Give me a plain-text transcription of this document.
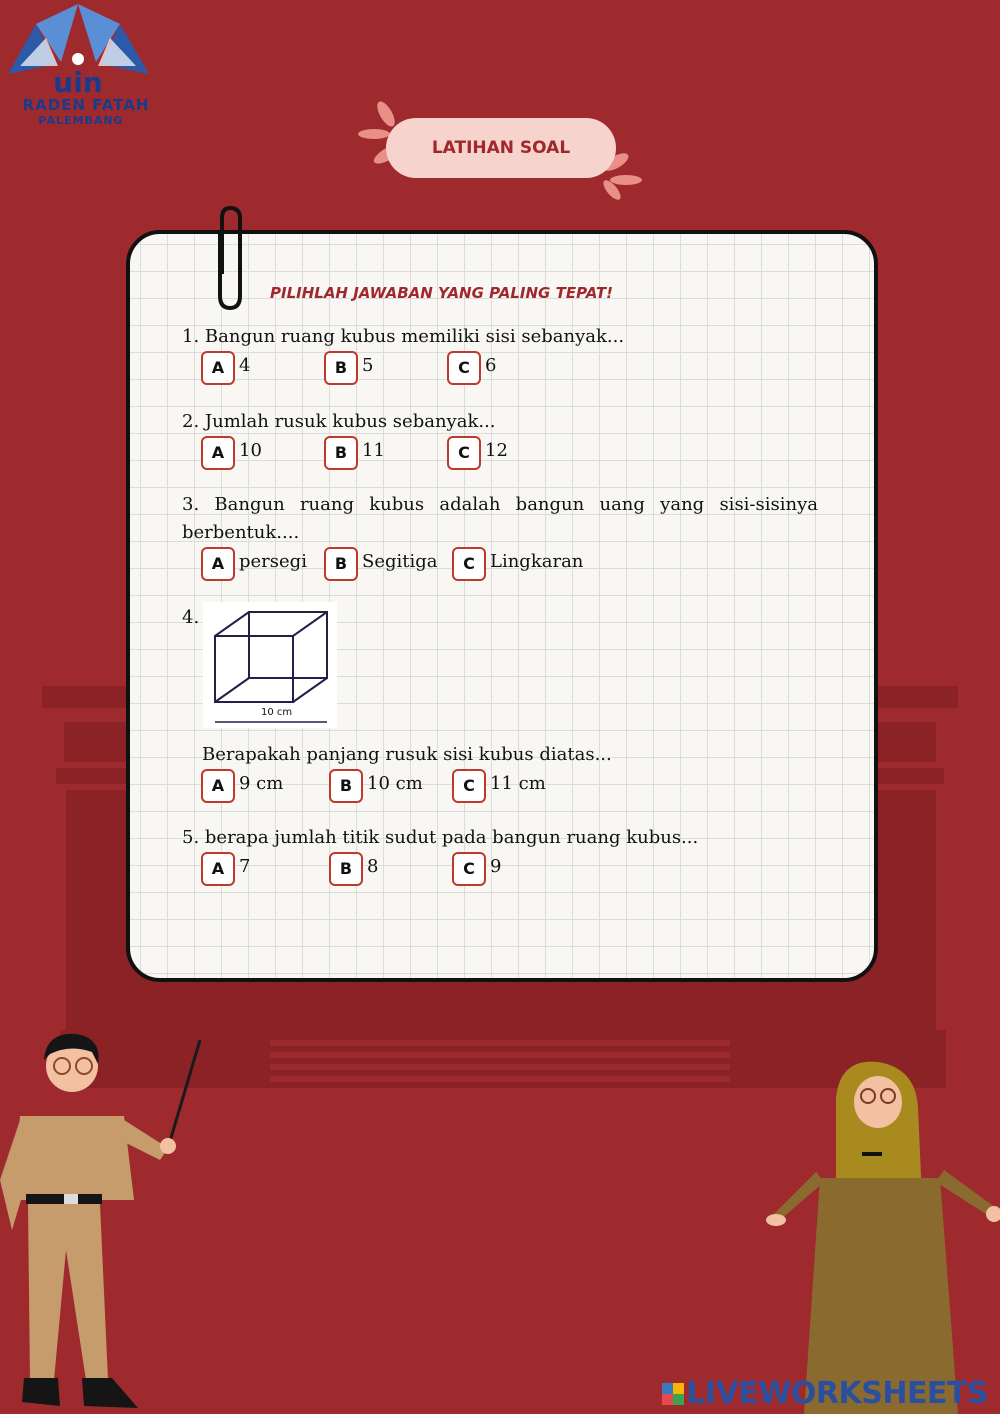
uin
RADEN FATAH
PALEMBANG
LATIHAN SOAL
PILIHLAH JAWABAN YANG PALING TEPAT!
1. Bangun ruang kubus memiliki sisi sebanyak...
A 4	B 5	C 6
2. Jumlah rusuk kubus sebanyak...
A 10	B 11	C 12
3. Bangun ruang kubus adalah bangun uang yang sisi-sisinya
berbentuk....
A persegi	B Segitiga	C Lingkaran
4.
10 cm
Berapakah panjang rusuk sisi kubus diatas...
A 9 cm	B 10 cm	C 11 cm
5. berapa jumlah titik sudut pada bangun ruang kubus...
A 7	B 8	C 9
LIVEWORKSHEETS
